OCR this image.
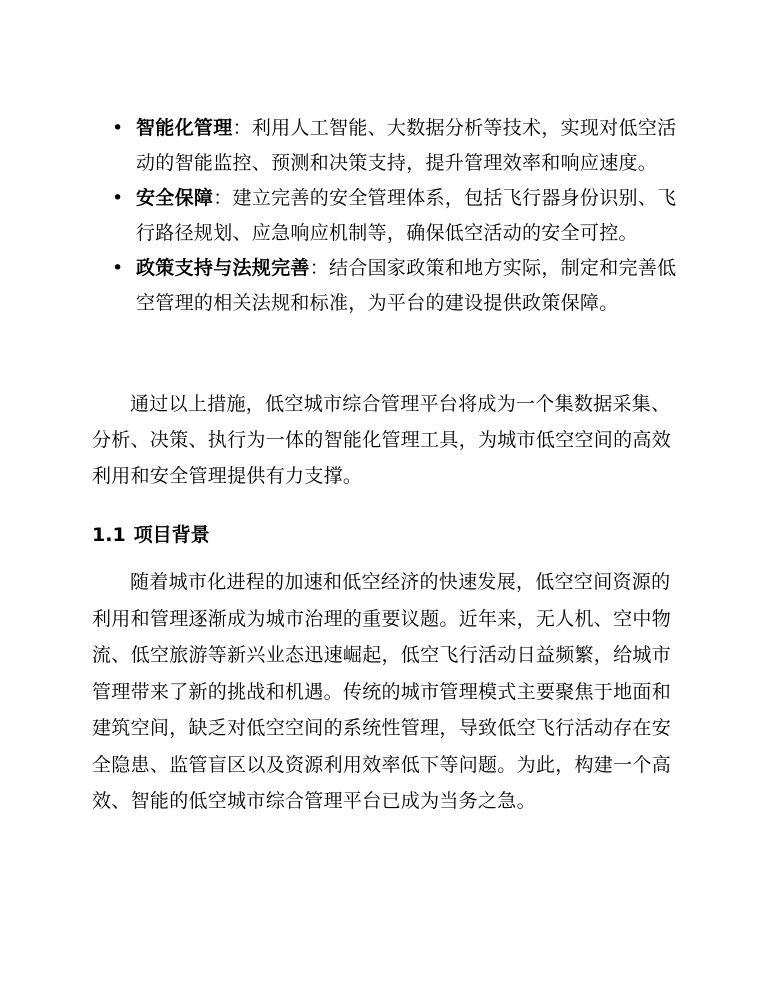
• 智能化管理：利用人工智能、大数据分析等技术，实现对低空活动的智能监控、预测和决策支持，提升管理效率和响应速度。
• 安全保障：建立完善的安全管理体系，包括飞行器身份识别、飞行路径规划、应急响应机制等，确保低空活动的安全可控。
• 政策支持与法规完善：结合国家政策和地方实际，制定和完善低空管理的相关法规和标准，为平台的建设提供政策保障。

通过以上措施，低空城市综合管理平台将成为一个集数据采集、分析、决策、执行为一体的智能化管理工具，为城市低空空间的高效利用和安全管理提供有力支撑。

1.1 项目背景

随着城市化进程的加速和低空经济的快速发展，低空空间资源的利用和管理逐渐成为城市治理的重要议题。近年来，无人机、空中物流、低空旅游等新兴业态迅速崛起，低空飞行活动日益频繁，给城市管理带来了新的挑战和机遇。传统的城市管理模式主要聚焦于地面和建筑空间，缺乏对低空空间的系统性管理，导致低空飞行活动存在安全隐患、监管盲区以及资源利用效率低下等问题。为此，构建一个高效、智能的低空城市综合管理平台已成为当务之急。
